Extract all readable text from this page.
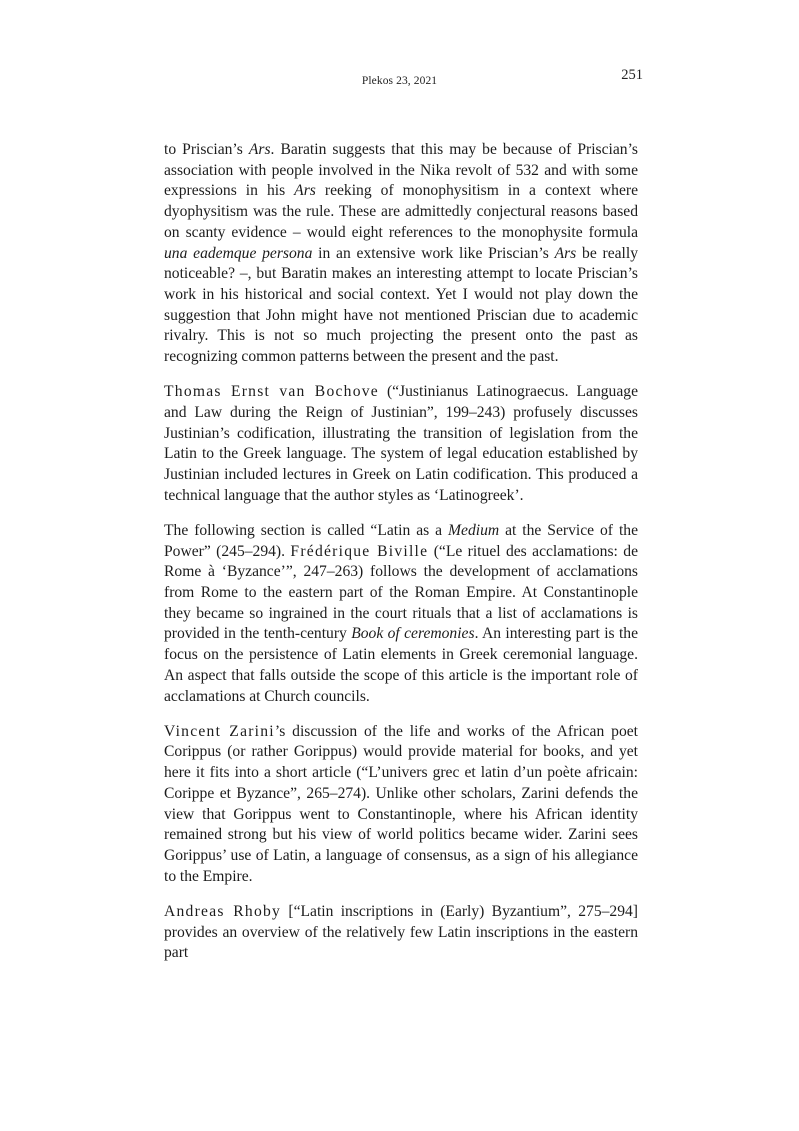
Plekos 23, 2021	251

to Priscian’s Ars. Baratin suggests that this may be because of Priscian’s association with people involved in the Nika revolt of 532 and with some expressions in his Ars reeking of monophysitism in a context where dyophysitism was the rule. These are admittedly conjectural reasons based on scanty evidence – would eight references to the monophysite formula una eademque persona in an extensive work like Priscian’s Ars be really noticeable? –, but Baratin makes an interesting attempt to locate Priscian’s work in his historical and social context. Yet I would not play down the suggestion that John might have not mentioned Priscian due to academic rivalry. This is not so much projecting the present onto the past as recognizing common patterns between the present and the past.

Thomas Ernst van Bochove (“Justinianus Latinograecus. Language and Law during the Reign of Justinian”, 199–243) profusely discusses Justinian’s codification, illustrating the transition of legislation from the Latin to the Greek language. The system of legal education established by Justinian included lectures in Greek on Latin codification. This produced a technical language that the author styles as ‘Latinogreek’.

The following section is called “Latin as a Medium at the Service of the Power” (245–294). Frédérique Biville (“Le rituel des acclamations: de Rome à ‘Byzance’”, 247–263) follows the development of acclamations from Rome to the eastern part of the Roman Empire. At Constantinople they became so ingrained in the court rituals that a list of acclamations is provided in the tenth-century Book of ceremonies. An interesting part is the focus on the persistence of Latin elements in Greek ceremonial language. An aspect that falls outside the scope of this article is the important role of acclamations at Church councils.

Vincent Zarini’s discussion of the life and works of the African poet Corippus (or rather Gorippus) would provide material for books, and yet here it fits into a short article (“L’univers grec et latin d’un poète africain: Corippe et Byzance”, 265–274). Unlike other scholars, Zarini defends the view that Gorippus went to Constantinople, where his African identity remained strong but his view of world politics became wider. Zarini sees Gorippus’ use of Latin, a language of consensus, as a sign of his allegiance to the Empire.

Andreas Rhoby [“Latin inscriptions in (Early) Byzantium”, 275–294] provides an overview of the relatively few Latin inscriptions in the eastern part
